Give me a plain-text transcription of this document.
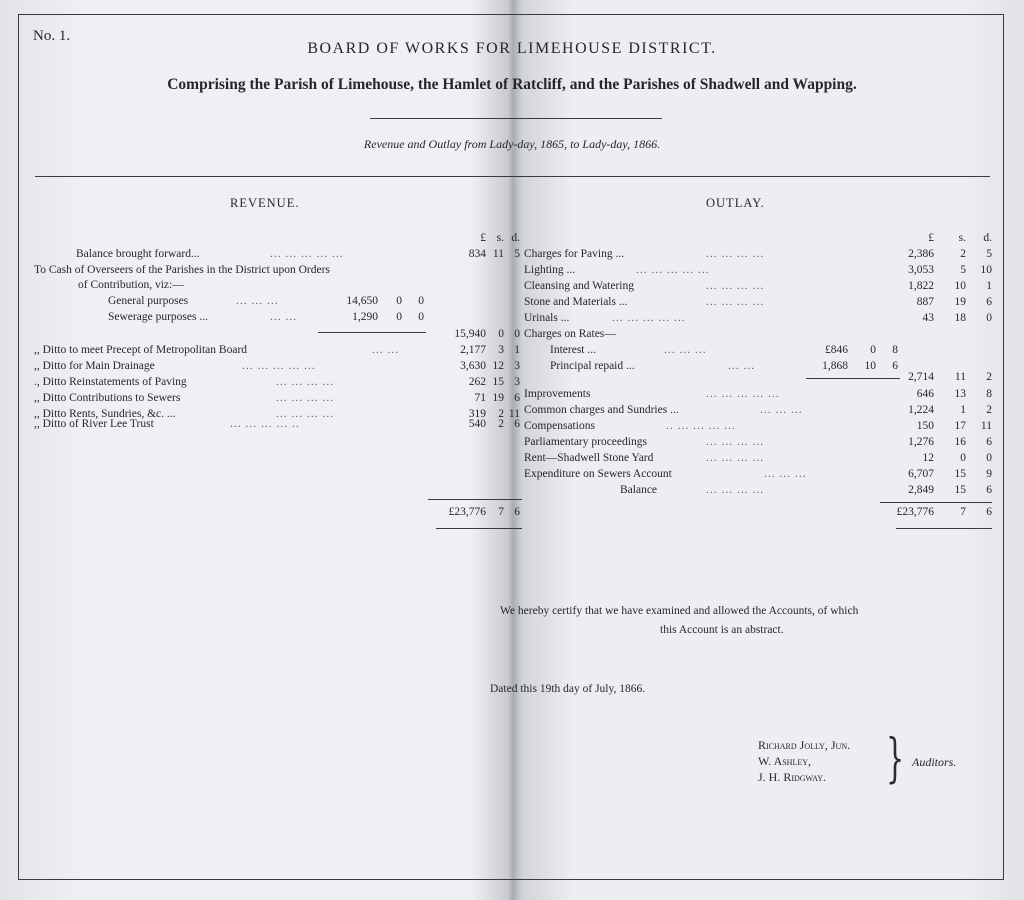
No. 1.
BOARD OF WORKS FOR LIMEHOUSE DISTRICT.
Comprising the Parish of Limehouse, the Hamlet of Ratcliff, and the Parishes of Shadwell and Wapping.
Revenue and Outlay from Lady-day, 1865, to Lady-day, 1866.
REVENUE.	OUTLAY.
£ s. d.	£	s.	d.
Balance brought forward...	... ... ... ... ...	834 11 5
To Cash of Overseers of the Parishes in the District upon Orders
of Contribution, viz:—
General purposes	... ... ...	14,650	0	0
Sewerage purposes ...	... ...	1,290	0	0
15,940	0 0
,, Ditto to meet Precept of Metropolitan Board	... ...	2,177	3 1
,, Ditto for Main Drainage	... ... ... ... ...	3,630 12 3
., Ditto Reinstatements of Paving	... ... ... ...	262 15 3
,, Ditto Contributions to Sewers	... ... ... ...	71 19 6
,, Ditto Rents, Sundries, &c. ...	... ... ... ...	319	2 11
,, Ditto of River Lee Trust	... ... ... ... ..	540	2 6
£23,776	7 6
Charges for Paving ...	... ... ... ...	2,386	2	5
Lighting ...	... ... ... ... ...	3,053	5	10
Cleansing and Watering	... ... ... ...	1,822	10	1
Stone and Materials ...	... ... ... ...	887	19	6
Urinals ...	... ... ... ... ...	43	18	0
Charges on Rates—
Interest ...	... ... ...	£846	0	8
Principal repaid ...	... ...	1,868	10	6
2,714	11	2
Improvements	... ... ... ... ...	646	13	8
Common charges and Sundries ...	... ... ...	1,224	1	2
Compensations	.. ... ... ... ...	150	17	11
Parliamentary proceedings	... ... ... ...	1,276	16	6
Rent—Shadwell Stone Yard	... ... ... ...	12	0	0
Expenditure on Sewers Account	... ... ...	6,707	15	9
Balance	... ... ... ...	2,849	15	6
£23,776	7	6
We hereby certify that we have examined and allowed the Accounts, of which
this Account is an abstract.
Dated this 19th day of July, 1866.
Richard Jolly, Jun.
W. Ashley,
J. H. Ridgway. } Auditors.
